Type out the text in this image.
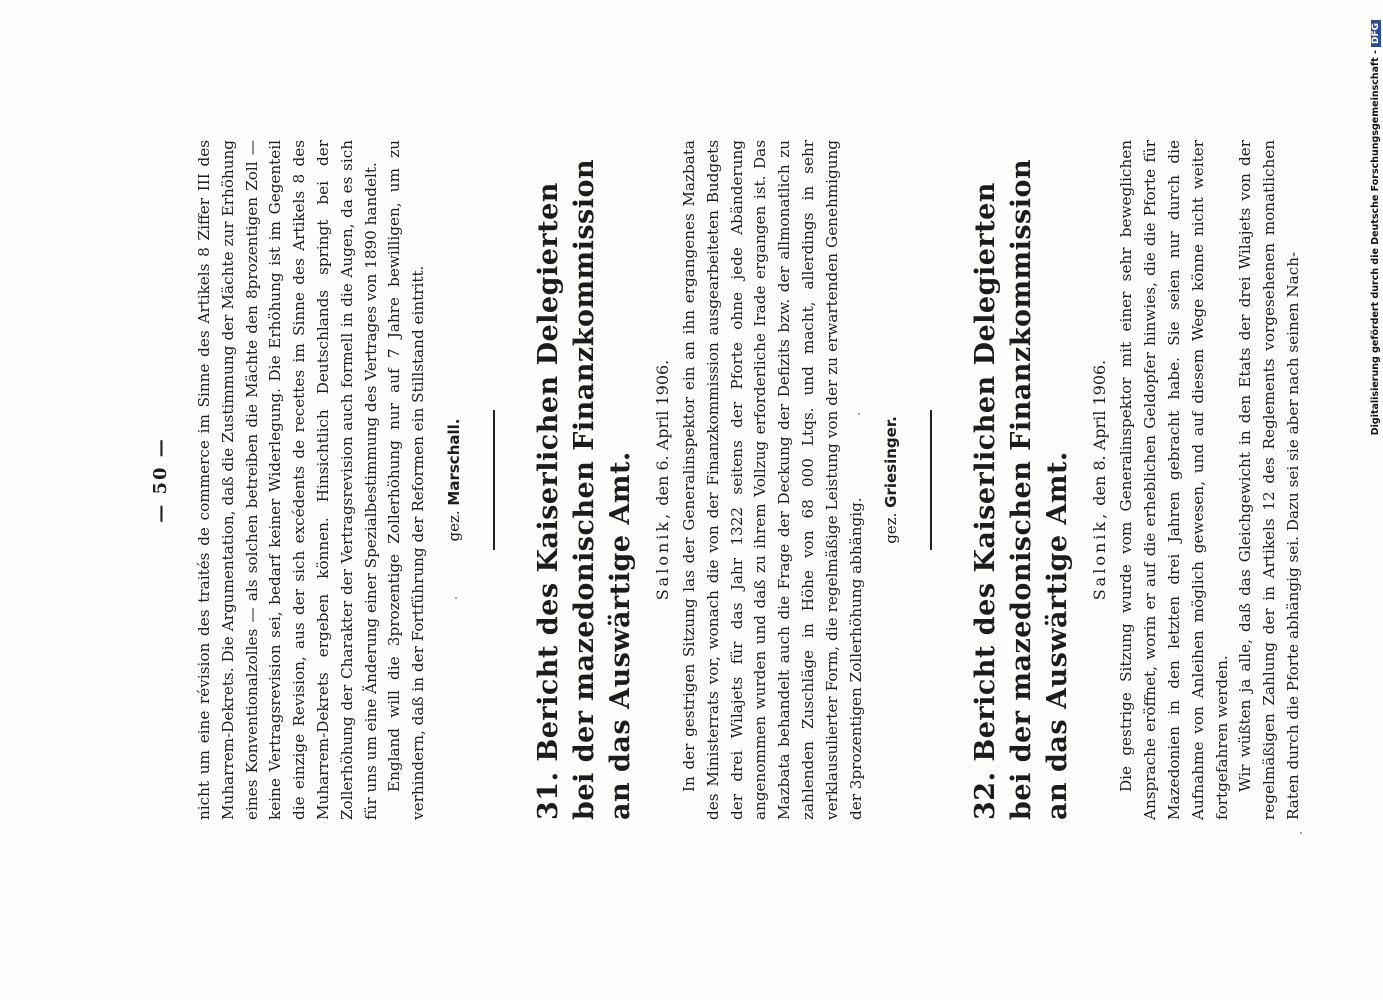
— 50 — nicht um eine révision des traités de commerce im Sinne des Artikels 8 Ziffer III des Muharrem-Dekrets. Die Argumentation, daß die Zustimmung der Mächte zur Erhöhung eines Konventionalzolles — als solchen betreiben die Mächte den 8prozentigen Zoll — keine Vertragsrevision sei, bedarf keiner Widerlegung. Die Erhöhung ist im Gegenteil die einzige Revision, aus der sich excédents de recettes im Sinne des Artikels 8 des Muharrem-Dekrets ergeben können. Hinsichtlich Deutschlands springt bei der Zollerhöhung der Charakter der Vertragsrevision auch formell in die Augen, da es sich für uns um eine Änderung einer Spezialbestimmung des Vertrages von 1890 handelt. England will die 3prozentige Zollerhöhung nur auf 7 Jahre bewilligen, um zu verhindern, daß in der Fortführung der Reformen ein Stillstand eintritt. gez. Marschall.	31. Bericht des Kaiserlichen Delegierten bei der mazedonischen Finanzkommission an das Auswärtige Amt. Salonik, den 6. April 1906. In der gestrigen Sitzung las der Generalinspektor ein an ihn ergangenes Mazbata des Ministerrats vor, wonach die von der Finanzkommission ausgearbeiteten Budgets der drei Wilajets für das Jahr 1322 seitens der Pforte ohne jede Abänderung angenommen wurden und daß zu ihrem Vollzug erforderliche Irade ergangen ist. Das Mazbata behandelt auch die Frage der Deckung der Defizits bzw. der allmonatlich zu zahlenden Zuschläge in Höhe von 68 000 Ltqs. und macht, allerdings in sehr verklausulierter Form, die regelmäßige Leistung von der zu erwartenden Genehmigung der 3prozentigen Zollerhöhung abhängig. gez. Griesinger.	32. Bericht des Kaiserlichen Delegierten bei der mazedonischen Finanzkommission an das Auswärtige Amt. Salonik, den 8. April 1906. Die gestrige Sitzung wurde vom Generalinspektor mit einer sehr beweglichen Ansprache eröffnet, worin er auf die erheblichen Geldopfer hinwies, die die Pforte für Mazedonien in den letzten drei Jahren gebracht habe. Sie seien nur durch die Aufnahme von Anleihen möglich gewesen, und auf diesem Wege könne nicht weiter fortgefahren werden. Wir wüßten ja alle, daß das Gleichgewicht in den Etats der drei Wilajets von der regelmäßigen Zahlung der in Artikels 12 des Reglements vorgesehenen monatlichen Raten durch die Pforte abhängig sei. Dazu sei sie aber nach seinen Nach-

Digitalisierung gefördert durch die Deutsche Forschungsgemeinschaft -DFG
